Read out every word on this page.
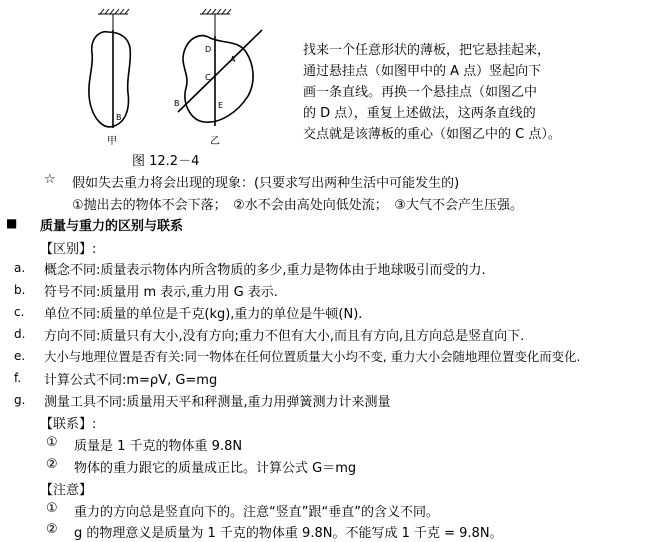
B
甲
D
A
C
B	E
乙
找来一个任意形状的薄板，把它悬挂起来，
通过悬挂点（如图甲中的 A 点）竖起向下
画一条直线。再换一个悬挂点（如图乙中
的 D 点），重复上述做法，这两条直线的
交点就是该薄板的重心（如图乙中的 C 点）。
图 12.2－4
☆ 假如失去重力将会出现的现象：(只要求写出两种生活中可能发生的)
①抛出去的物体不会下落；　②水不会由高处向低处流；　③大气不会产生压强。
■ 质量与重力的区别与联系
【区别】:
a. 概念不同:质量表示物体内所含物质的多少,重力是物体由于地球吸引而受的力.
b. 符号不同:质量用 m 表示,重力用 G 表示.
c. 单位不同:质量的单位是千克(kg),重力的单位是牛顿(N).
d. 方向不同:质量只有大小,没有方向;重力不但有大小,而且有方向,且方向总是竖直向下.
e. 大小与地理位置是否有关:同一物体在任何位置质量大小均不变, 重力大小会随地理位置变化而变化.
f. 计算公式不同:m=ρV, G=mg
g. 测量工具不同:质量用天平和秤测量,重力用弹簧测力计来测量
【联系】:
① 质量是 1 千克的物体重 9.8N
② 物体的重力跟它的质量成正比。计算公式 G＝mg
【注意】
① 重力的方向总是竖直向下的。注意“竖直”跟“垂直”的含义不同。
② g 的物理意义是质量为 1 千克的物体重 9.8N。不能写成 1 千克 = 9.8N。
